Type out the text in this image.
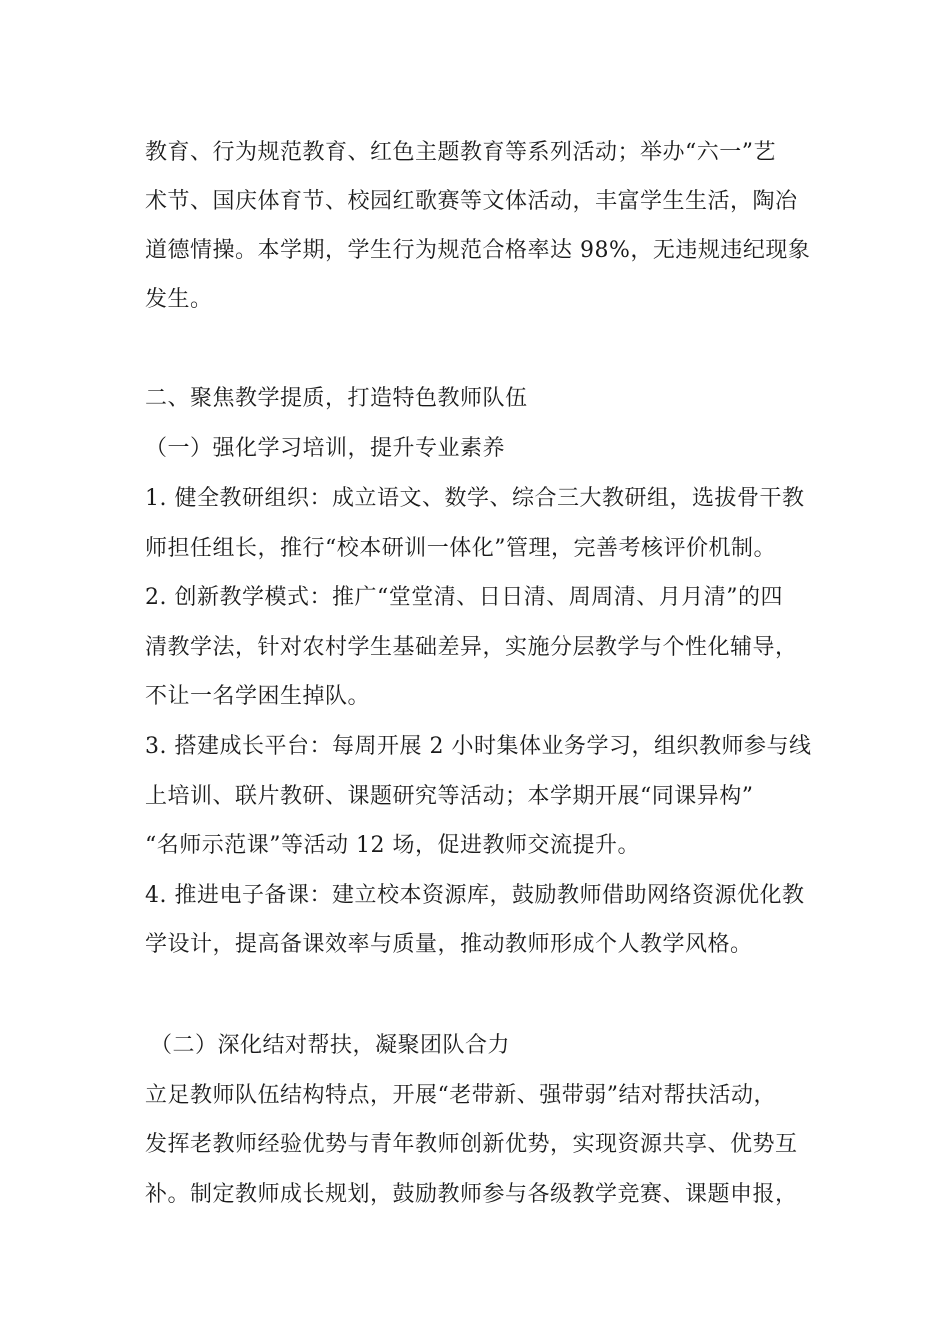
教育、行为规范教育、红色主题教育等系列活动；举办“六一”艺
术节、国庆体育节、校园红歌赛等文体活动，丰富学生生活，陶冶
道德情操。本学期，学生行为规范合格率达 98%，无违规违纪现象
发生。
二、聚焦教学提质，打造特色教师队伍
（一）强化学习培训，提升专业素养
1. 健全教研组织：成立语文、数学、综合三大教研组，选拔骨干教
师担任组长，推行“校本研训一体化”管理，完善考核评价机制。
2. 创新教学模式：推广“堂堂清、日日清、周周清、月月清”的四
清教学法，针对农村学生基础差异，实施分层教学与个性化辅导，
不让一名学困生掉队。
3. 搭建成长平台：每周开展 2 小时集体业务学习，组织教师参与线
上培训、联片教研、课题研究等活动；本学期开展“同课异构”
“名师示范课”等活动 12 场，促进教师交流提升。
4. 推进电子备课：建立校本资源库，鼓励教师借助网络资源优化教
学设计，提高备课效率与质量，推动教师形成个人教学风格。
（二）深化结对帮扶，凝聚团队合力
立足教师队伍结构特点，开展“老带新、强带弱”结对帮扶活动，
发挥老教师经验优势与青年教师创新优势，实现资源共享、优势互
补。制定教师成长规划，鼓励教师参与各级教学竞赛、课题申报，
